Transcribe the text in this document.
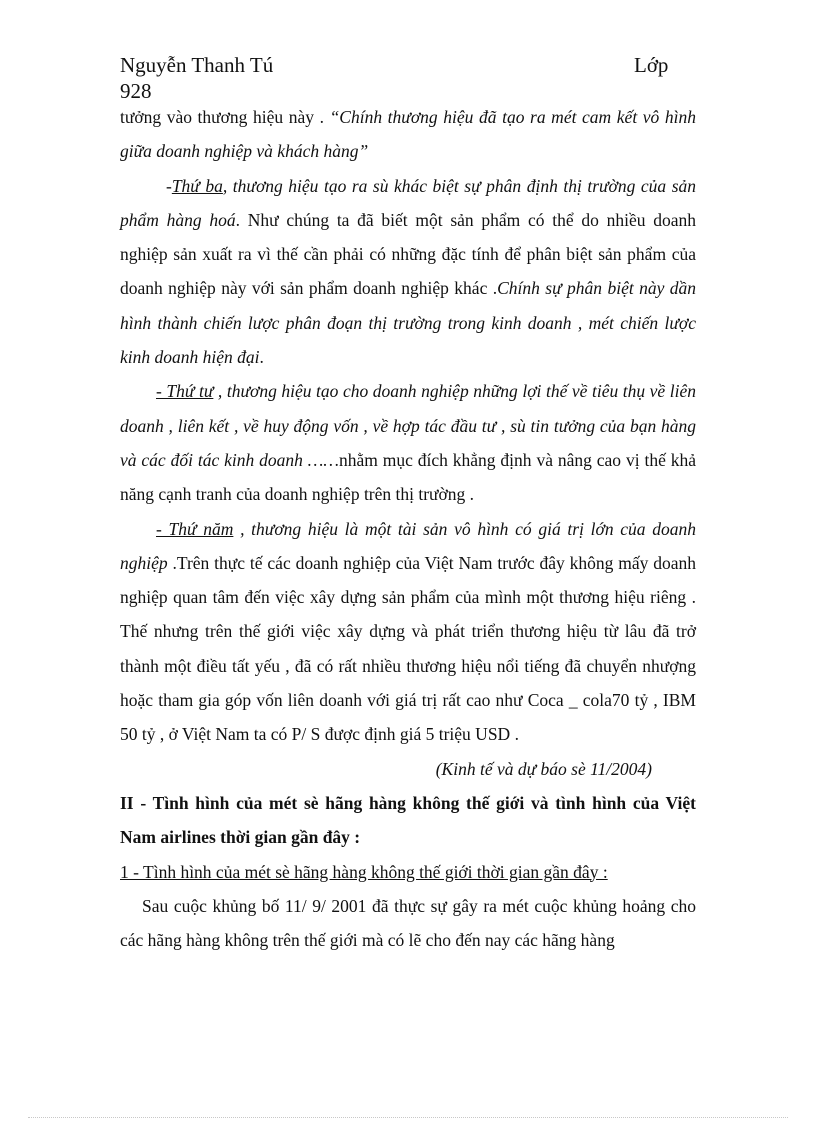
Nguyễn Thanh Tú	Lớp
928

tưởng vào thương hiệu này . “Chính thương hiệu đã tạo ra mét cam kết vô hình giữa doanh nghiệp và khách hàng”

-Thứ ba, thương hiệu tạo ra sù khác biệt sự phân định thị trường của sản phẩm hàng hoá. Như chúng ta đã biết một sản phẩm có thể do nhiều doanh nghiệp sản xuất ra vì thế cần phải có những đặc tính để phân biệt sản phẩm của doanh nghiệp này với sản phẩm doanh nghiệp khác .Chính sự phân biệt này dần hình thành chiến lược phân đoạn thị trường trong kinh doanh , mét chiến lược kinh doanh hiện đại.

- Thứ tư , thương hiệu tạo cho doanh nghiệp những lợi thế về tiêu thụ về liên doanh , liên kết , về huy động vốn , về hợp tác đầu tư , sù tin tưởng của bạn hàng và các đối tác kinh doanh ……nhằm mục đích khẳng định và nâng cao vị thế khả năng cạnh tranh của doanh nghiệp trên thị trường .

- Thứ năm , thương hiệu là một tài sản vô hình có giá trị lớn của doanh nghiệp .Trên thực tế các doanh nghiệp của Việt Nam trước đây không mấy doanh nghiệp quan tâm đến việc xây dựng sản phẩm của mình một thương hiệu riêng . Thế nhưng trên thế giới việc xây dựng và phát triển thương hiệu từ lâu đã trở thành một điều tất yếu , đã có rất nhiều thương hiệu nổi tiếng đã chuyển nhượng hoặc tham gia góp vốn liên doanh với giá trị rất cao như Coca _ cola70 tỷ , IBM 50 tỷ , ở Việt Nam ta có P/ S được định giá 5 triệu USD .

(Kinh tế và dự báo sè 11/2004)

II - Tình hình của mét sè hãng hàng không thế giới và tình hình của Việt Nam airlines thời gian gần đây :

1 - Tình hình của mét sè hãng hàng không thế giới thời gian gần đây :

Sau cuộc khủng bố 11/ 9/ 2001 đã thực sự gây ra mét cuộc khủng hoảng cho các hãng hàng không trên thế giới mà có lẽ cho đến nay các hãng hàng
